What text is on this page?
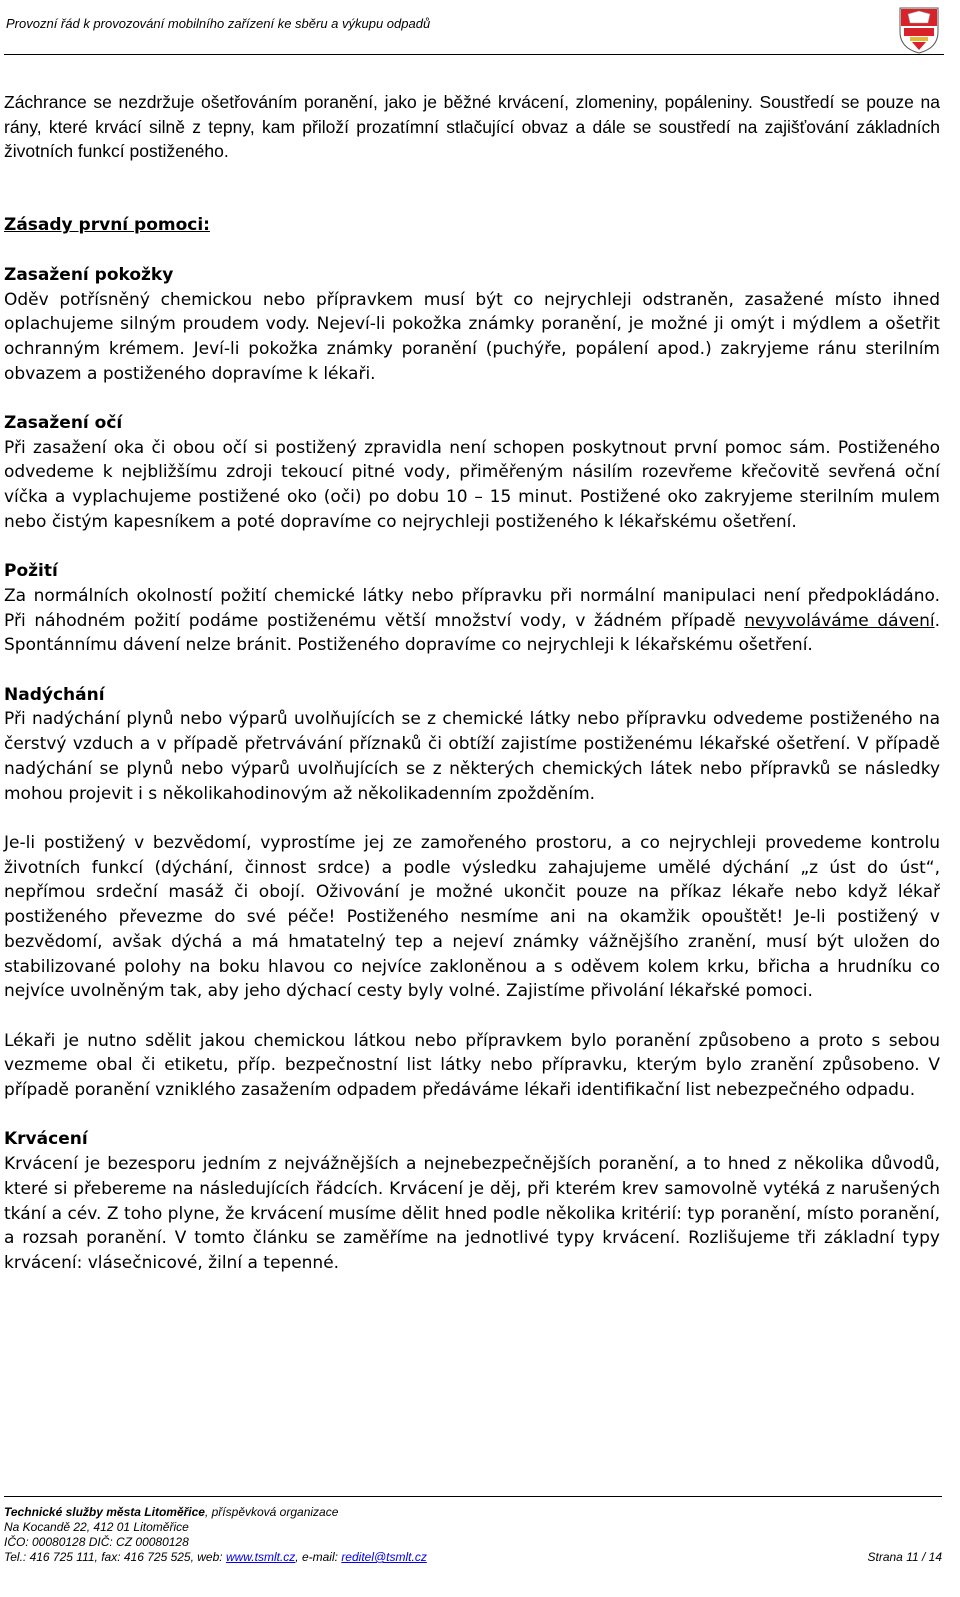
Provozní řád k provozování mobilního zařízení ke sběru a výkupu odpadů

Záchrance se nezdržuje ošetřováním poranění, jako je běžné krvácení, zlomeniny, popáleniny. Soustředí se pouze na rány, které krvácí silně z tepny, kam přiloží prozatímní stlačující obvaz a dále se soustředí na zajišťování základních životních funkcí postiženého.

Zásady první pomoci:

Zasažení pokožky

Oděv potřísněný chemickou nebo přípravkem musí být co nejrychleji odstraněn, zasažené místo ihned oplachujeme silným proudem vody. Nejeví-li pokožka známky poranění, je možné ji omýt i mýdlem a ošetřit ochranným krémem. Jeví-li pokožka známky poranění (puchýře, popálení apod.) zakryjeme ránu sterilním obvazem a postiženého dopravíme k lékaři.

Zasažení očí

Při zasažení oka či obou očí si postižený zpravidla není schopen poskytnout první pomoc sám. Postiženého odvedeme k nejbližšímu zdroji tekoucí pitné vody, přiměřeným násilím rozevřeme křečovitě sevřená oční víčka a vyplachujeme postižené oko (oči) po dobu 10 – 15 minut. Postižené oko zakryjeme sterilním mulem nebo čistým kapesníkem a poté dopravíme co nejrychleji postiženého k lékařskému ošetření.

Požití

Za normálních okolností požití chemické látky nebo přípravku při normální manipulaci není předpokládáno. Při náhodném požití podáme postiženému větší množství vody, v žádném případě nevyvoláváme dávení. Spontánnímu dávení nelze bránit. Postiženého dopravíme co nejrychleji k lékařskému ošetření.

Nadýchání

Při nadýchání plynů nebo výparů uvolňujících se z chemické látky nebo přípravku odvedeme postiženého na čerstvý vzduch a v případě přetrvávání příznaků či obtíží zajistíme postiženému lékařské ošetření. V případě nadýchání se plynů nebo výparů uvolňujících se z některých chemických látek nebo přípravků se následky mohou projevit i s několikahodinovým až několikadenním zpožděním.

Je-li postižený v bezvědomí, vyprostíme jej ze zamořeného prostoru, a co nejrychleji provedeme kontrolu životních funkcí (dýchání, činnost srdce) a podle výsledku zahajujeme umělé dýchání „z úst do úst“, nepřímou srdeční masáž či obojí. Oživování je možné ukončit pouze na příkaz lékaře nebo když lékař postiženého převezme do své péče! Postiženého nesmíme ani na okamžik opouštět! Je-li postižený v bezvědomí, avšak dýchá a má hmatatelný tep a nejeví známky vážnějšího zranění, musí být uložen do stabilizované polohy na boku hlavou co nejvíce zakloněnou a s oděvem kolem krku, břicha a hrudníku co nejvíce uvolněným tak, aby jeho dýchací cesty byly volné. Zajistíme přivolání lékařské pomoci.

Lékaři je nutno sdělit jakou chemickou látkou nebo přípravkem bylo poranění způsobeno a proto s sebou vezmeme obal či etiketu, příp. bezpečnostní list látky nebo přípravku, kterým bylo zranění způsobeno. V případě poranění vzniklého zasažením odpadem předáváme lékaři identifikační list nebezpečného odpadu.

Krvácení

Krvácení je bezesporu jedním z nejvážnějších a nejnebezpečnějších poranění, a to hned z několika důvodů, které si přebereme na následujících řádcích. Krvácení je děj, při kterém krev samovolně vytéká z narušených tkání a cév. Z toho plyne, že krvácení musíme dělit hned podle několika kritérií: typ poranění, místo poranění, a rozsah poranění. V tomto článku se zaměříme na jednotlivé typy krvácení. Rozlišujeme tři základní typy krvácení: vlásečnicové, žilní a tepenné.

Technické služby města Litoměřice, příspěvková organizace
Na Kocandě 22, 412 01 Litoměřice
IČO: 00080128 DIČ: CZ 00080128
Tel.: 416 725 111, fax: 416 725 525, web: www.tsmlt.cz, e-mail: reditel@tsmlt.cz	Strana 11 / 14
